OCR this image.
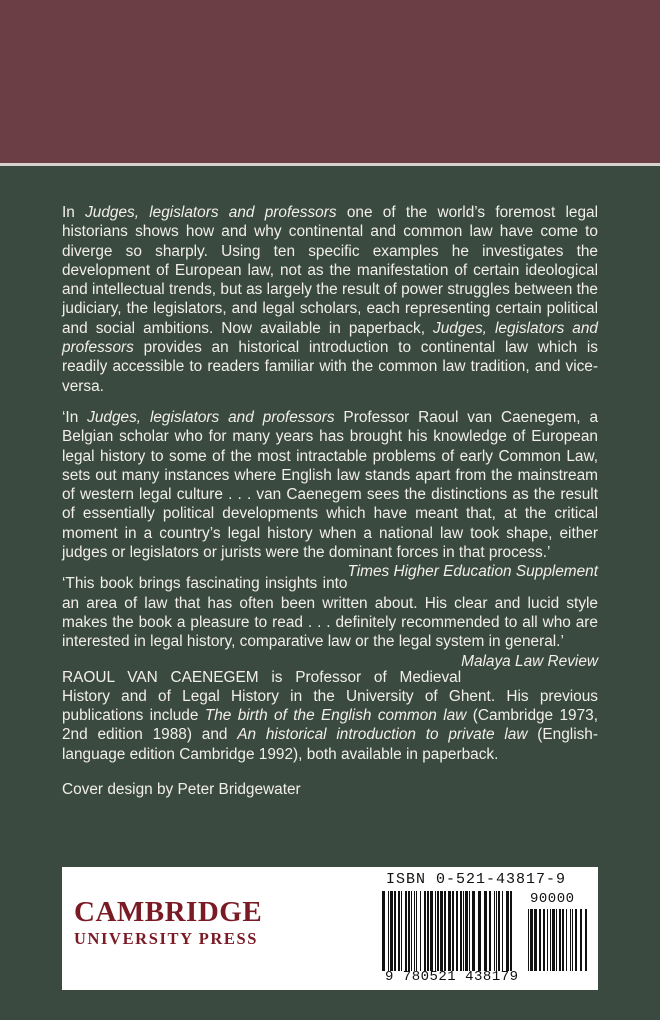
In Judges, legislators and professors one of the world’s foremost legal historians shows how and why continental and common law have come to diverge so sharply. Using ten specific examples he investigates the development of European law, not as the manifestation of certain ideological and intellectual trends, but as largely the result of power struggles between the judiciary, the legislators, and legal scholars, each representing certain political and social ambitions. Now available in paperback, Judges, legislators and professors provides an historical introduction to continental law which is readily accessible to readers familiar with the common law tradition, and vice-versa.

‘In Judges, legislators and professors Professor Raoul van Caenegem, a Belgian scholar who for many years has brought his knowledge of European legal history to some of the most intractable problems of early Common Law, sets out many instances where English law stands apart from the mainstream of western legal culture . . . van Caenegem sees the distinctions as the result of essentially political developments which have meant that, at the critical moment in a country’s legal history when a national law took shape, either judges or legislators or jurists were the dominant forces in that process.’
Times Higher Education Supplement

‘This book brings fascinating insights into an area of law that has often been written about. His clear and lucid style makes the book a pleasure to read . . . definitely recommended to all who are interested in legal history, comparative law or the legal system in general.’
Malaya Law Review

RAOUL VAN CAENEGEM is Professor of Medieval History and of Legal History in the University of Ghent. His previous publications include The birth of the English common law (Cambridge 1973, 2nd edition 1988) and An historical introduction to private law (English-language edition Cambridge 1992), both available in paperback.

Cover design by Peter Bridgewater

CAMBRIDGE
UNIVERSITY PRESS
ISBN 0-521-43817-9
90000
9 780521 438179
